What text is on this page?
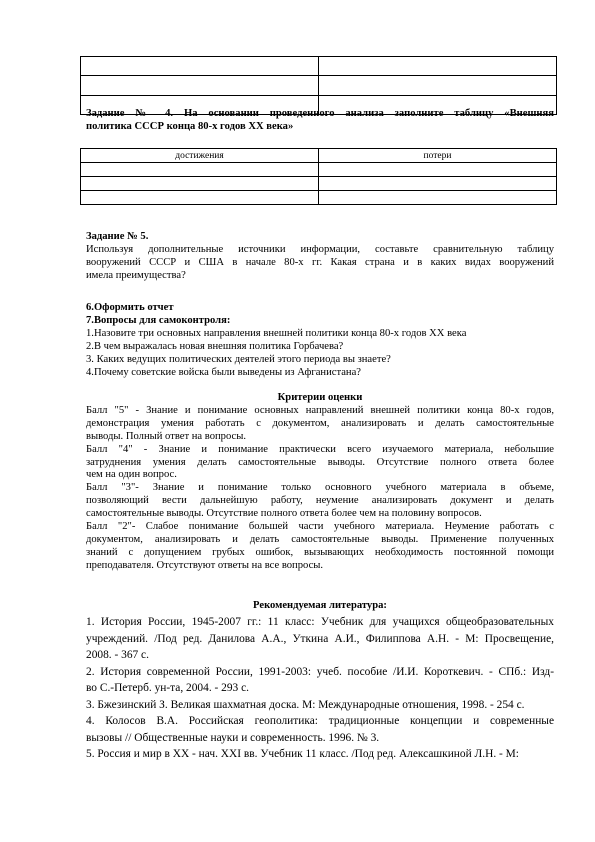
Задание № 4. На основании проведенного анализа заполните таблицу «Внешняя

политика СССР конца 80-х годов XX века»

достижения	потери

Задание № 5.

Используя дополнительные источники информации, составьте сравнительную таблицу

вооружений СССР и США в начале 80-х гг. Какая страна и в каких видах вооружений

имела преимущества?

6.Оформить отчет

7.Вопросы для самоконтроля:

1.Назовите три основных направления внешней политики конца 80-х годов XX века

2.В чем выражалась новая внешняя политика Горбачева?

3. Каких ведущих политических деятелей этого периода вы знаете?

4.Почему советские войска были выведены из Афганистана?

Критерии оценки

Балл "5" - Знание и понимание основных направлений внешней политики конца 80-х годов,

демонстрация умения работать с документом, анализировать и делать самостоятельные

выводы. Полный ответ на вопросы.

Балл "4" - Знание и понимание практически всего изучаемого материала, небольшие

затруднения умения делать самостоятельные выводы. Отсутствие полного ответа более

чем на один вопрос.

Балл "3"- Знание и понимание только основного учебного материала в объеме,

позволяющий вести дальнейшую работу, неумение анализировать документ и делать

самостоятельные выводы. Отсутствие полного ответа более чем на половину вопросов.

Балл "2"- Слабое понимание большей части учебного материала. Неумение работать с

документом, анализировать и делать самостоятельные выводы. Применение полученных

знаний с допущением грубых ошибок, вызывающих необходимость постоянной помощи

преподавателя. Отсутствуют ответы на все вопросы.

Рекомендуемая литература:

1. История России, 1945-2007 гг.: 11 класс: Учебник для учащихся общеобразовательных

учреждений. /Под ред. Данилова А.А., Уткина А.И., Филиппова А.Н. - М: Просвещение,

2008. - 367 с.

2. История современной России, 1991-2003: учеб. пособие /И.И. Короткевич. - СПб.: Изд-

во С.-Петерб. ун-та, 2004. - 293 с.

3. Бжезинский З. Великая шахматная доска. М: Международные отношения, 1998. - 254 с.

4. Колосов В.А. Российская геополитика: традиционные концепции и современные

вызовы // Общественные науки и современность. 1996. № 3.

5. Россия и мир в XX - нач. XXI вв. Учебник 11 класс. /Под ред. Алексашкиной Л.Н. - М:
